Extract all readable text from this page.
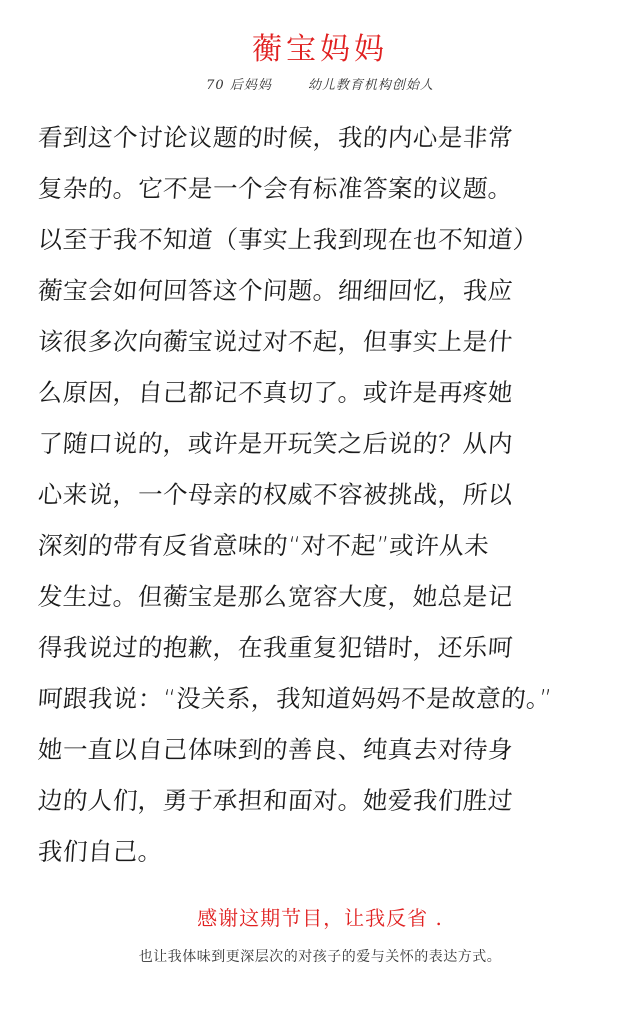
蘅宝妈妈
70 后妈妈	幼儿教育机构创始人
看到这个讨论议题的时候，我的内心是非常
复杂的。它不是一个会有标准答案的议题。
以至于我不知道（事实上我到现在也不知道）
蘅宝会如何回答这个问题。细细回忆，我应
该很多次向蘅宝说过对不起，但事实上是什
么原因，自己都记不真切了。或许是再疼她
了随口说的，或许是开玩笑之后说的？从内
心来说，一个母亲的权威不容被挑战，所以
深刻的带有反省意味的“对不起”或许从未
发生过。但蘅宝是那么宽容大度，她总是记
得我说过的抱歉，在我重复犯错时，还乐呵
呵跟我说：“没关系，我知道妈妈不是故意的。”
她一直以自己体味到的善良、纯真去对待身
边的人们，勇于承担和面对。她爱我们胜过
我们自己。
感谢这期节目，让我反省 .
也让我体味到更深层次的对孩子的爱与关怀的表达方式。
